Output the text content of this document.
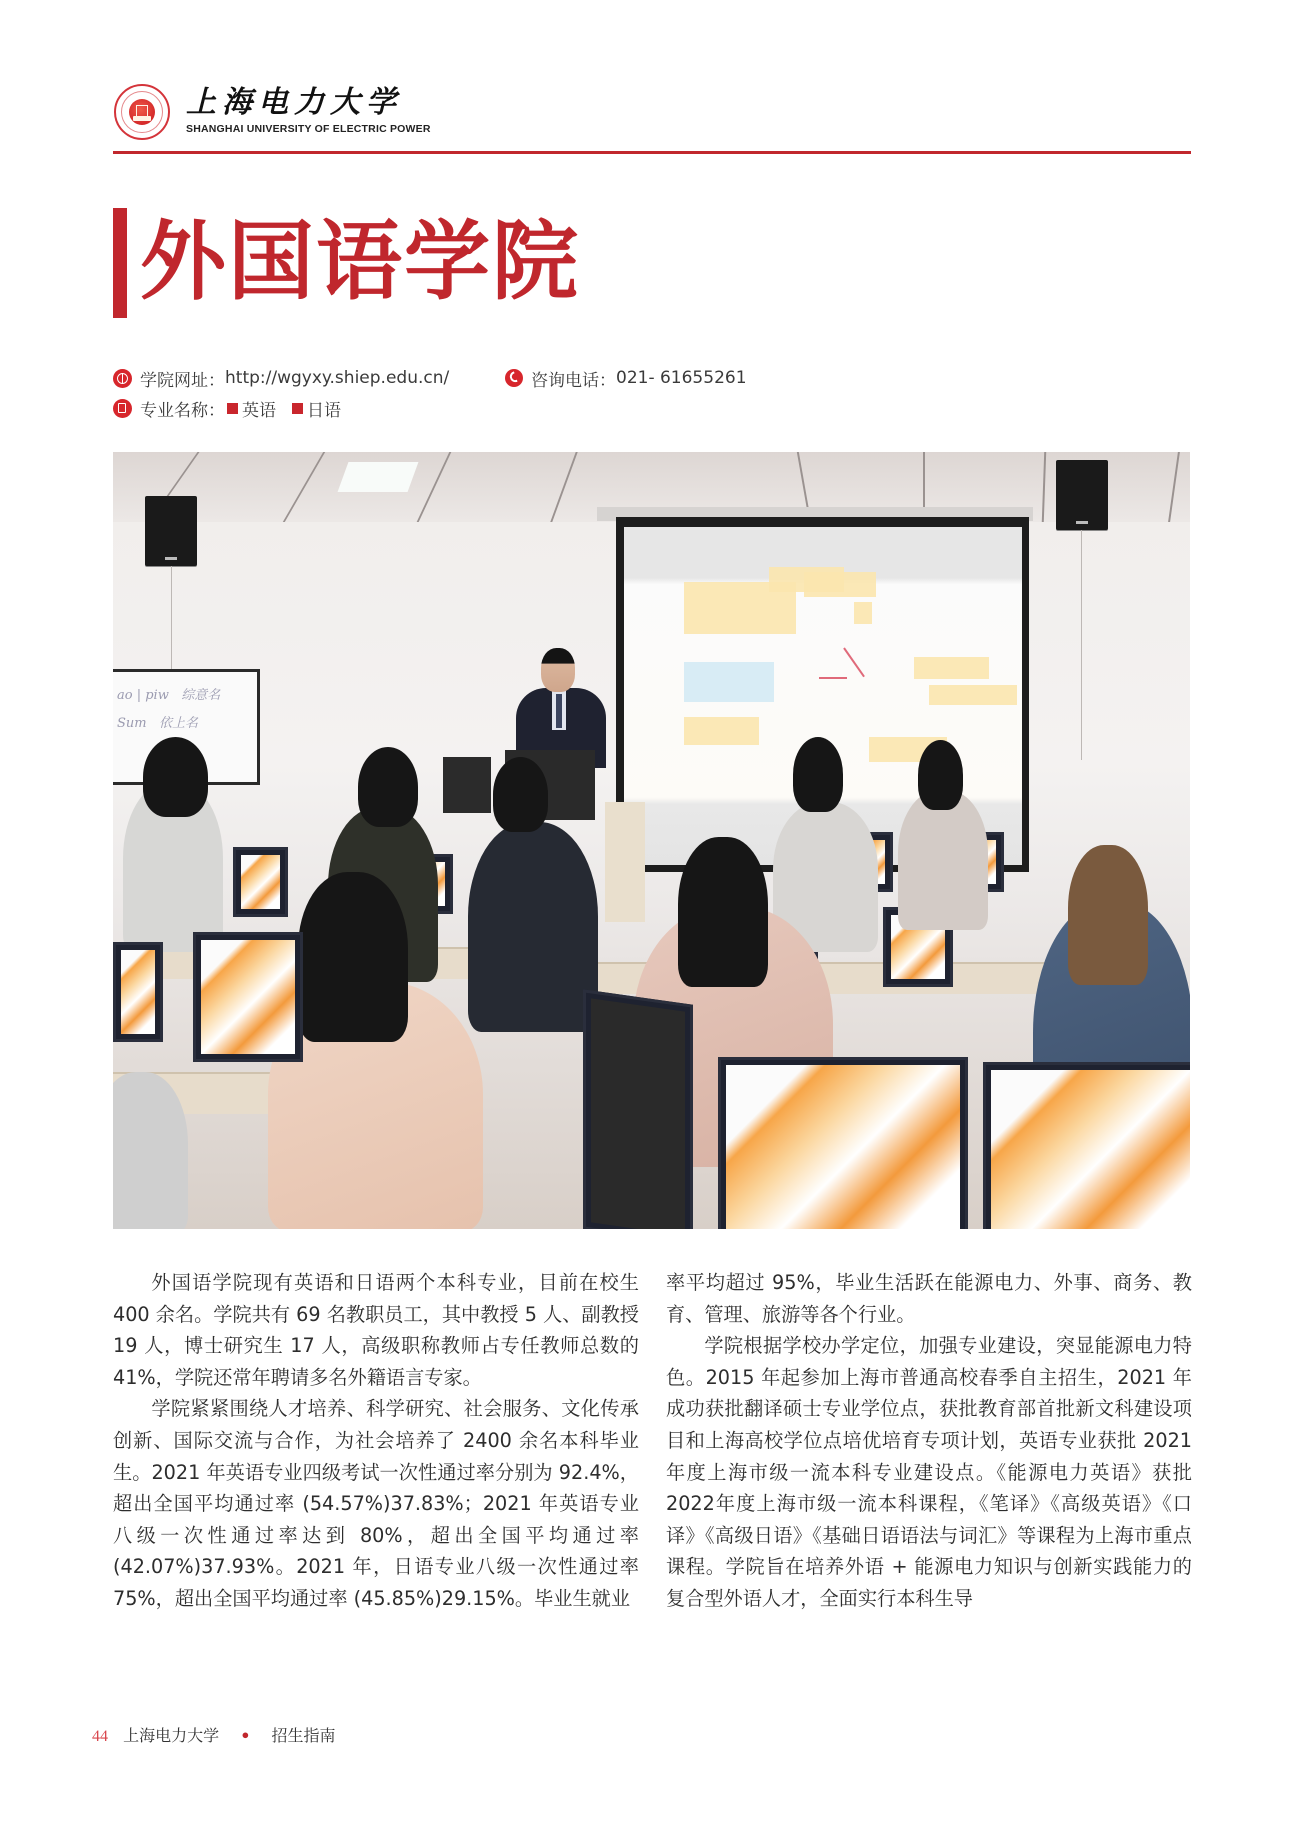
上海电力大学
SHANGHAI UNIVERSITY OF ELECTRIC POWER
外国语学院
学院网址： http://wgyxy.shiep.edu.cn/	咨询电话： 021- 61655261
专业名称： 英语 日语
ao | piw   综意名
Sum   依上名

外国语学院现有英语和日语两个本科专业，目前在校生 400 余名。学院共有 69 名教职员工，其中教授 5 人、副教授 19 人，博士研究生 17 人，高级职称教师占专任教师总数的 41%，学院还常年聘请多名外籍语言专家。

学院紧紧围绕人才培养、科学研究、社会服务、文化传承创新、国际交流与合作，为社会培养了 2400 余名本科毕业生。2021 年英语专业四级考试一次性通过率分别为 92.4%，超出全国平均通过率 (54.57%)37.83%；2021 年英语专业八级一次性通过率达到 80%，超出全国平均通过率 (42.07%)37.93%。2021 年，日语专业八级一次性通过率 75%，超出全国平均通过率 (45.85%)29.15%。毕业生就业

率平均超过 95%，毕业生活跃在能源电力、外事、商务、教育、管理、旅游等各个行业。

学院根据学校办学定位，加强专业建设，突显能源电力特色。2015 年起参加上海市普通高校春季自主招生，2021 年成功获批翻译硕士专业学位点，获批教育部首批新文科建设项目和上海高校学位点培优培育专项计划，英语专业获批 2021 年度上海市级一流本科专业建设点。《能源电力英语》获批2022年度上海市级一流本科课程，《笔译》《高级英语》《口译》《高级日语》《基础日语语法与词汇》等课程为上海市重点课程。学院旨在培养外语 + 能源电力知识与创新实践能力的复合型外语人才，全面实行本科生导

44 上海电力大学 • 招生指南
